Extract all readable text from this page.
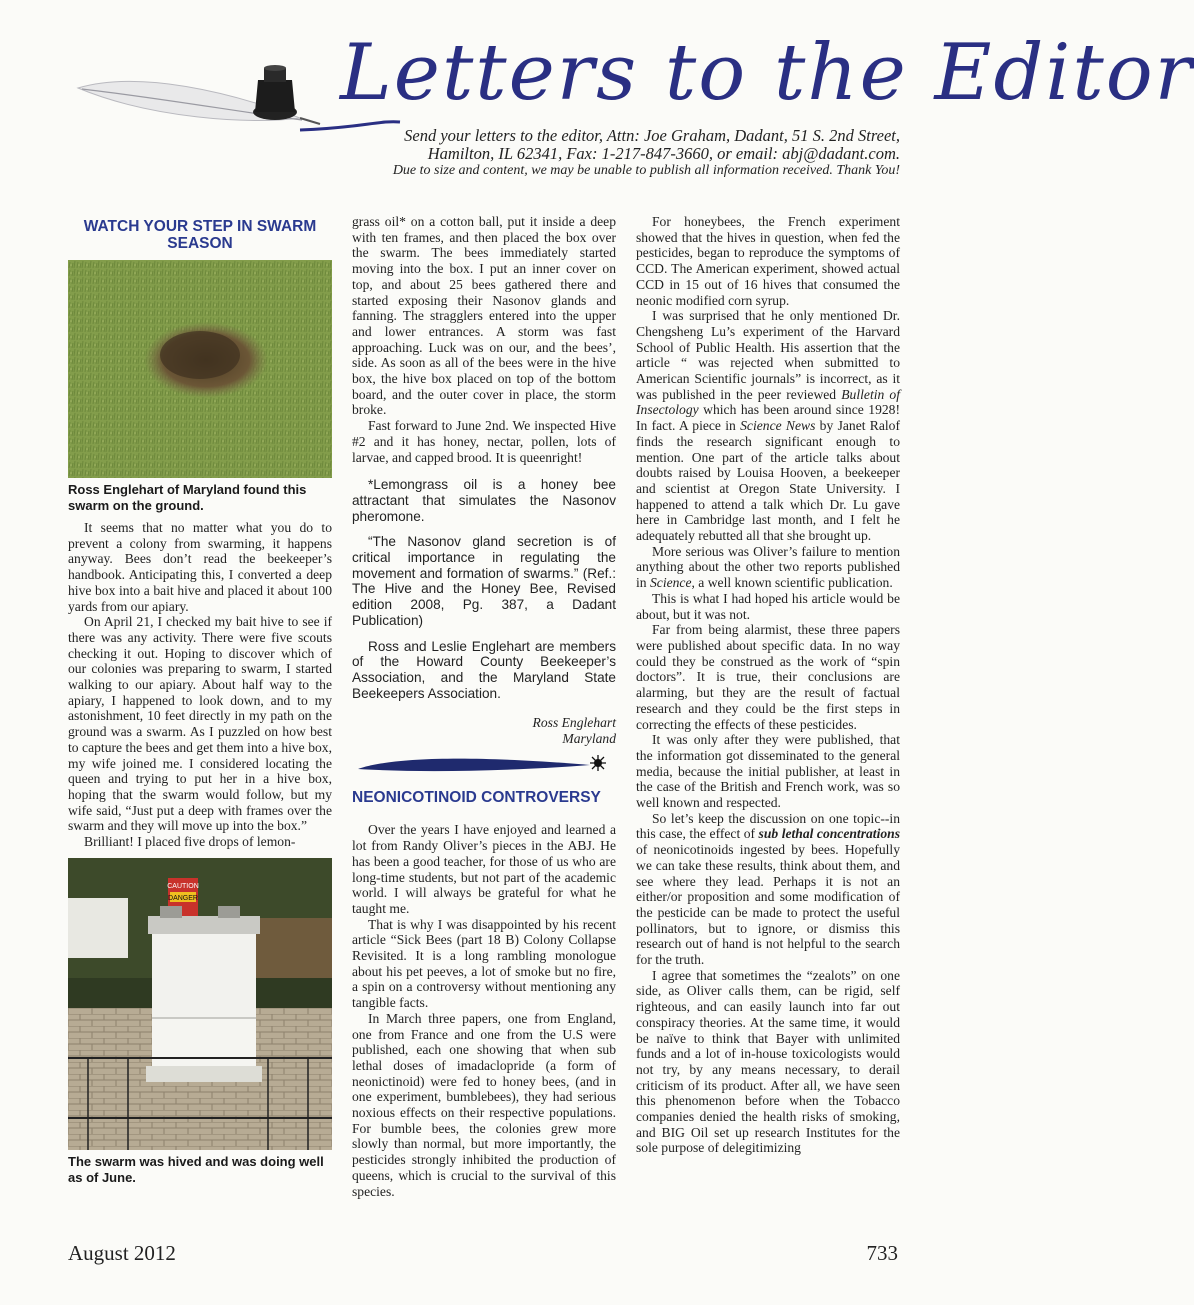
Letters to the Editor
Send your letters to the editor, Attn: Joe Graham, Dadant, 51 S. 2nd Street,
Hamilton, IL 62341, Fax: 1-217-847-3660, or email: abj@dadant.com.
Due to size and content, we may be unable to publish all information received. Thank You!
WATCH YOUR STEP IN SWARM SEASON
Ross Englehart of Maryland found this swarm on the ground.

It seems that no matter what you do to prevent a colony from swarming, it happens anyway. Bees don’t read the beekeeper’s handbook. Anticipating this, I converted a deep hive box into a bait hive and placed it about 100 yards from our apiary.

On April 21, I checked my bait hive to see if there was any activity. There were five scouts checking it out. Hoping to discover which of our colonies was preparing to swarm, I started walking to our apiary. About half way to the apiary, I happened to look down, and to my astonishment, 10 feet directly in my path on the ground was a swarm. As I puzzled on how best to capture the bees and get them into a hive box, my wife joined me. I considered locating the queen and trying to put her in a hive box, hoping that the swarm would follow, but my wife said, “Just put a deep with frames over the swarm and they will move up into the box.”

Brilliant! I placed five drops of lemon-

CAUTION
DANGER
The swarm was hived and was doing well as of June.

grass oil* on a cotton ball, put it inside a deep with ten frames, and then placed the box over the swarm. The bees immediately started moving into the box. I put an inner cover on top, and about 25 bees gathered there and started exposing their Nasonov glands and fanning. The stragglers entered into the upper and lower entrances. A storm was fast approaching. Luck was on our, and the bees’, side. As soon as all of the bees were in the hive box, the hive box placed on top of the bottom board, and the outer cover in place, the storm broke.

Fast forward to June 2nd. We inspected Hive #2 and it has honey, nectar, pollen, lots of larvae, and capped brood. It is queenright!

*Lemongrass oil is a honey bee attractant that simulates the Nasonov pheromone.

“The Nasonov gland secretion is of critical importance in regulating the movement and formation of swarms.” (Ref.: The Hive and the Honey Bee, Revised edition 2008, Pg. 387, a Dadant Publication)

Ross and Leslie Englehart are members of the Howard County Beekeeper’s Association, and the Maryland State Beekeepers Association.

Ross Englehart
Maryland
NEONICOTINOID CONTROVERSY

Over the years I have enjoyed and learned a lot from Randy Oliver’s pieces in the ABJ. He has been a good teacher, for those of us who are long-time students, but not part of the academic world. I will always be grateful for what he taught me.

That is why I was disappointed by his recent article “Sick Bees (part 18 B) Colony Collapse Revisited. It is a long rambling monologue about his pet peeves, a lot of smoke but no fire, a spin on a controversy without mentioning any tangible facts.

In March three papers, one from England, one from France and one from the U.S were published, each one showing that when sub lethal doses of imadaclopride (a form of neonictinoid) were fed to honey bees, (and in one experiment, bumblebees), they had serious noxious effects on their respective populations. For bumble bees, the colonies grew more slowly than normal, but more importantly, the pesticides strongly inhibited the production of queens, which is crucial to the survival of this species.

For honeybees, the French experiment showed that the hives in question, when fed the pesticides, began to reproduce the symptoms of CCD. The American experiment, showed actual CCD in 15 out of 16 hives that consumed the neonic modified corn syrup.

I was surprised that he only mentioned Dr. Chengsheng Lu’s experiment of the Harvard School of Public Health. His assertion that the article “ was rejected when submitted to American Scientific journals” is incorrect, as it was published in the peer reviewed Bulletin of Insectology which has been around since 1928! In fact. A piece in Science News by Janet Ralof finds the research significant enough to mention. One part of the article talks about doubts raised by Louisa Hooven, a beekeeper and scientist at Oregon State University. I happened to attend a talk which Dr. Lu gave here in Cambridge last month, and I felt he adequately rebutted all that she brought up.

More serious was Oliver’s failure to mention anything about the other two reports published in Science, a well known scientific publication.

This is what I had hoped his article would be about, but it was not.

Far from being alarmist, these three papers were published about specific data. In no way could they be construed as the work of “spin doctors”. It is true, their conclusions are alarming, but they are the result of factual research and they could be the first steps in correcting the effects of these pesticides.

It was only after they were published, that the information got disseminated to the general media, because the initial publisher, at least in the case of the British and French work, was so well known and respected.

So let’s keep the discussion on one topic--in this case, the effect of sub lethal concentrations of neonicotinoids ingested by bees. Hopefully we can take these results, think about them, and see where they lead. Perhaps it is not an either/or proposition and some modification of the pesticide can be made to protect the useful pollinators, but to ignore, or dismiss this research out of hand is not helpful to the search for the truth.

I agree that sometimes the “zealots” on one side, as Oliver calls them, can be rigid, self righteous, and can easily launch into far out conspiracy theories. At the same time, it would be naïve to think that Bayer with unlimited funds and a lot of in-house toxicologists would not try, by any means necessary, to derail criticism of its product. After all, we have seen this phenomenon before when the Tobacco companies denied the health risks of smoking, and BIG Oil set up research Institutes for the sole purpose of delegitimizing

August 2012	733
